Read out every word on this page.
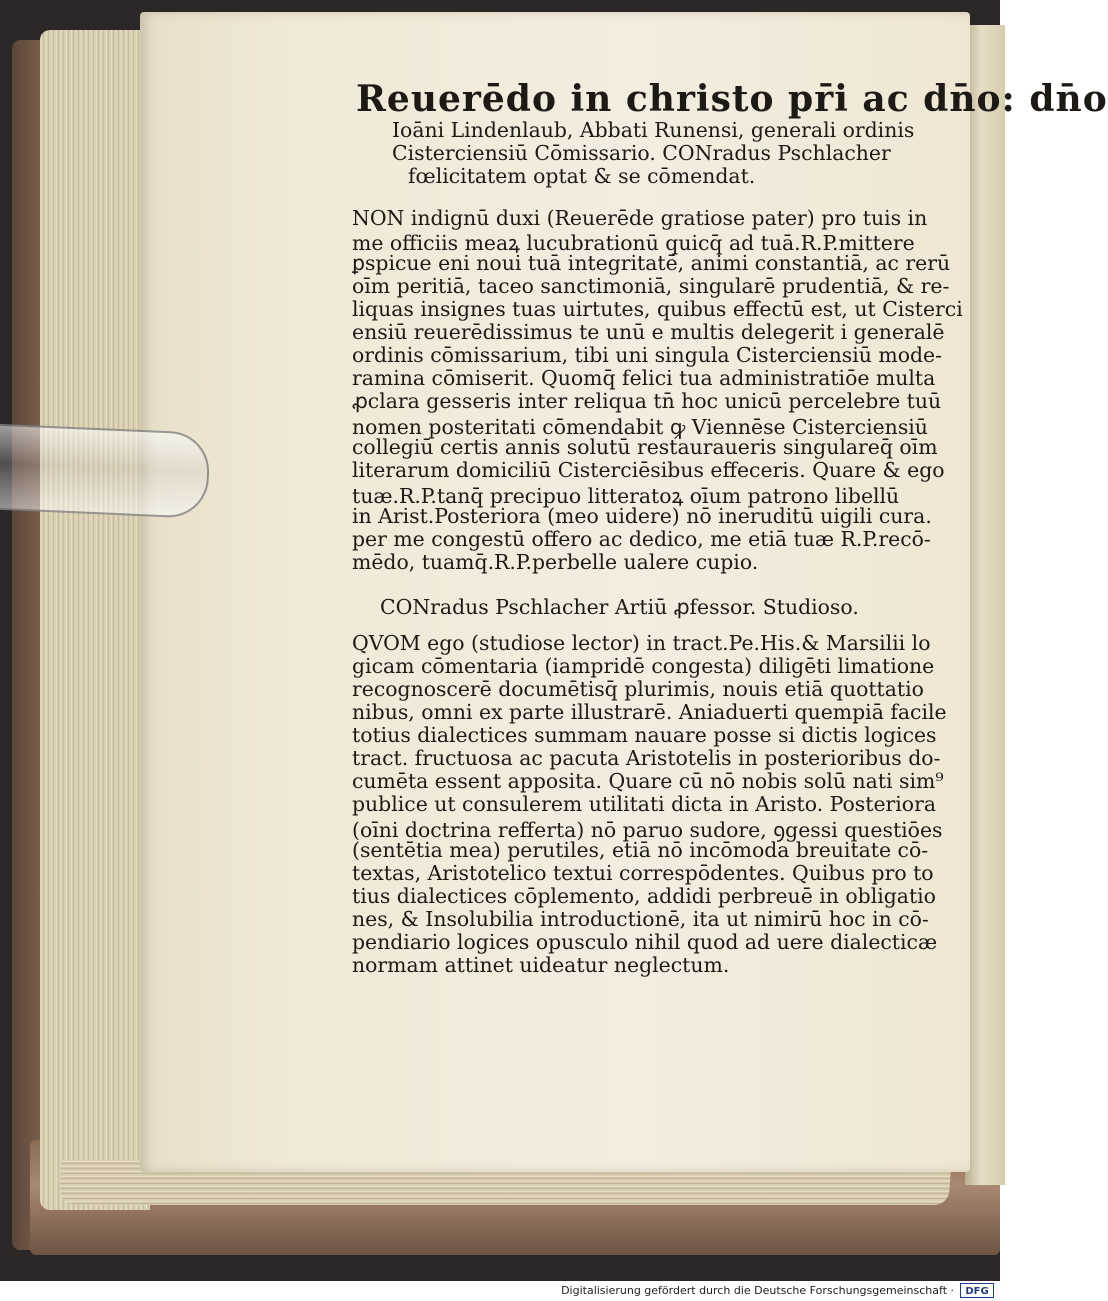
Reuerēdo in christo pr̄i ac dn̄o: dn̄o
Ioāni Lindenlaub, Abbati Runensi, generali ordinis
Cisterciensiū Cōmissario. CONradus Pschlacher
fœlicitatem optat & se cōmendat.
NON indignū duxi (Reuerēde gratiose pater) pro tuis in
me officiis meaꝝ lucubrationū quicq̄ ad tuā.R.P.mittere
ꝑspicue eni noui tuā integritatē, animi constantiā, ac rerū
oīm peritiā, taceo sanctimoniā, singularē prudentiā, & re-
liquas insignes tuas uirtutes, quibus effectū est, ut Cisterci
ensiū reuerēdissimus te unū e multis delegerit i generalē
ordinis cōmissarium, tibi uni singula Cisterciensiū mode-
ramina cōmiserit. Quomq̄ felici tua administratiōe multa
ꝓclara gesseris inter reliqua tn̄ hoc unicū percelebre tuū
nomen posteritati cōmendabit ꝙ Viennēse Cisterciensiū
collegiū certis annis solutū restauraueris singulareq̄ oīm
literarum domiciliū Cisterciēsibus effeceris. Quare & ego
tuæ.R.P.tanq̄ precipuo litteratoꝝ oīum patrono libellū
in Arist.Posteriora (meo uidere) nō ineruditū uigili cura.
per me congestū offero ac dedico, me etiā tuæ R.P.recō-
mēdo, tuamq̄.R.P.perbelle ualere cupio.
CONradus Pschlacher Artiū ꝓfessor. Studioso.
QVOM ego (studiose lector) in tract.Pe.His.& Marsilii lo
gicam cōmentaria (iampridē congesta) diligēti limatione
recognoscerē documētisq̄ plurimis, nouis etiā quottatio
nibus, omni ex parte illustrarē. Aniaduerti quempiā facile
totius dialectices summam nauare posse si dictis logices
tract. fructuosa ac pacuta Aristotelis in posterioribus do-
cumēta essent apposita. Quare cū nō nobis solū nati sim⁹
publice ut consulerem utilitati dicta in Aristo. Posteriora
(oīni doctrina refferta) nō paruo sudore, ꝯgessi questiōes
(sentētia mea) perutiles, etiā nō incōmoda breuitate cō-
textas, Aristotelico textui correspōdentes. Quibus pro to
tius dialectices cōplemento, addidi perbreuē in obligatio
nes, & Insolubilia introductionē, ita ut nimirū hoc in cō-
pendiario logices opusculo nihil quod ad uere dialecticæ
normam attinet uideatur neglectum.
Digitalisierung gefördert durch die Deutsche Forschungsgemeinschaft ·	DFG
